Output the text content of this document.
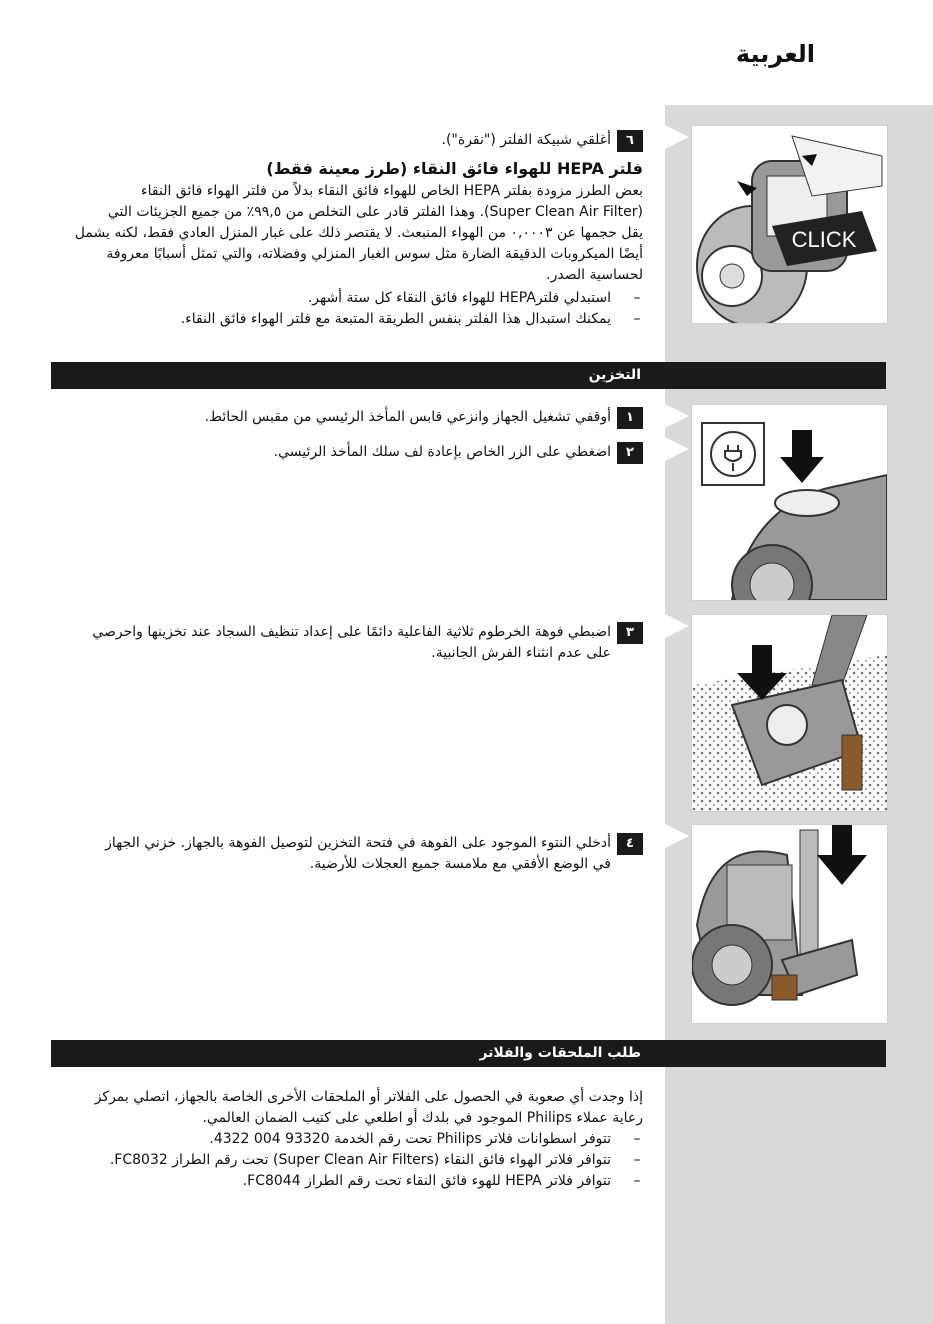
العربية
CLICK
٦
أغلقي شبيكة الفلتر ("نقرة").
فلتر HEPA للهواء فائق النقاء (طرز معينة فقط)

بعض الطرز مزودة بفلتر HEPA الخاص للهواء فائق النقاء بدلاً من فلتر الهواء فائق النقاء

(Super Clean Air Filter). وهذا الفلتر قادر على التخلص من ٩٩,٥٪ من جميع الجزيئات التي

يقل حجمها عن ٠,٠٠٠٣ من الهواء المنبعث. لا يقتصر ذلك على غبار المنزل العادي فقط، لكنه يشمل

أيضًا الميكروبات الدقيقة الضارة مثل سوس الغبار المنزلي وفضلاته، والتي تمثل أسبابًا معروفة

لحساسية الصدر.

–
استبدلي فلترHEPA للهواء فائق النقاء كل ستة أشهر.
–
يمكنك استبدال هذا الفلتر بنفس الطريقة المتبعة مع فلتر الهواء فائق النقاء.
التخزين
١
أوقفي تشغيل الجهاز وانزعي قابس المأخذ الرئيسي من مقبس الحائط.
٢
اضغطي على الزر الخاص بإعادة لف سلك المأخذ الرئيسي.
٣

اضبطي فوهة الخرطوم ثلاثية الفاعلية دائمًا على إعداد تنظيف السجاد عند تخزينها واحرصي

على عدم انثناء الفرش الجانبية.

٤

أدخلي النتوء الموجود على الفوهة في فتحة التخزين لتوصيل الفوهة بالجهاز. خزني الجهاز

في الوضع الأفقي مع ملامسة جميع العجلات للأرضية.

طلب الملحقات والفلاتر

إذا وجدت أي صعوبة في الحصول على الفلاتر أو الملحقات الأخرى الخاصة بالجهاز، اتصلي بمركز

رعاية عملاء Philips الموجود في بلدك أو اطلعي على كتيب الضمان العالمي.

–
تتوفر اسطوانات فلاتر Philips تحت رقم الخدمة 93320 004 4322.
–
تتوافر فلاتر الهواء فائق النقاء (Super Clean Air Filters) تحت رقم الطراز FC8032.
–
تتوافر فلاتر HEPA للهوء فائق النقاء تحت رقم الطراز FC8044.
